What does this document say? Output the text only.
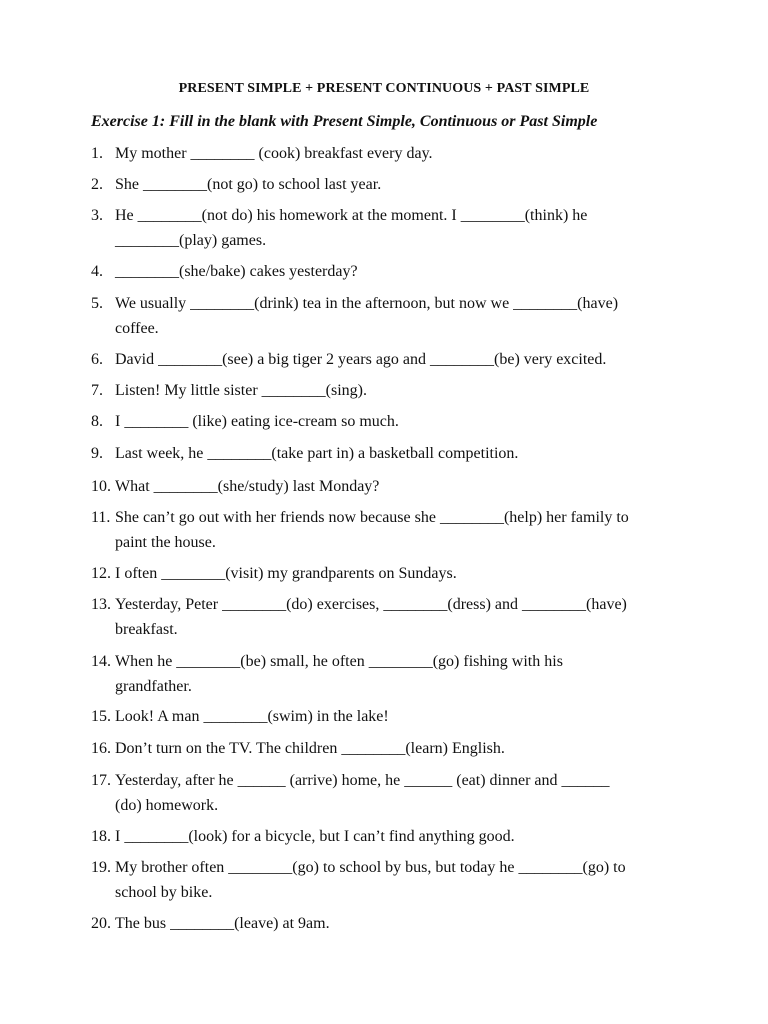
PRESENT SIMPLE + PRESENT CONTINUOUS + PAST SIMPLE
Exercise 1: Fill in the blank with Present Simple, Continuous or Past Simple
1. My mother ________ (cook) breakfast every day.
2. She ________(not go) to school last year.
3. He ________(not do) his homework at the moment. I ________(think) he
________(play) games.
4. ________(she/bake) cakes yesterday?
5. We usually ________(drink) tea in the afternoon, but now we ________(have)
coffee.
6. David ________(see) a big tiger 2 years ago and ________(be) very excited.
7. Listen! My little sister ________(sing).
8. I ________ (like) eating ice-cream so much.
9. Last week, he ________(take part in) a basketball competition.
10. What ________(she/study) last Monday?
11. She can’t go out with her friends now because she ________(help) her family to
paint the house.
12. I often ________(visit) my grandparents on Sundays.
13. Yesterday, Peter ________(do) exercises, ________(dress) and ________(have)
breakfast.
14. When he ________(be) small, he often ________(go) fishing with his
grandfather.
15. Look! A man ________(swim) in the lake!
16. Don’t turn on the TV. The children ________(learn) English.
17. Yesterday, after he ______ (arrive) home, he ______ (eat) dinner and ______
(do) homework.
18. I ________(look) for a bicycle, but I can’t find anything good.
19. My brother often ________(go) to school by bus, but today he ________(go) to
school by bike.
20. The bus ________(leave) at 9am.
